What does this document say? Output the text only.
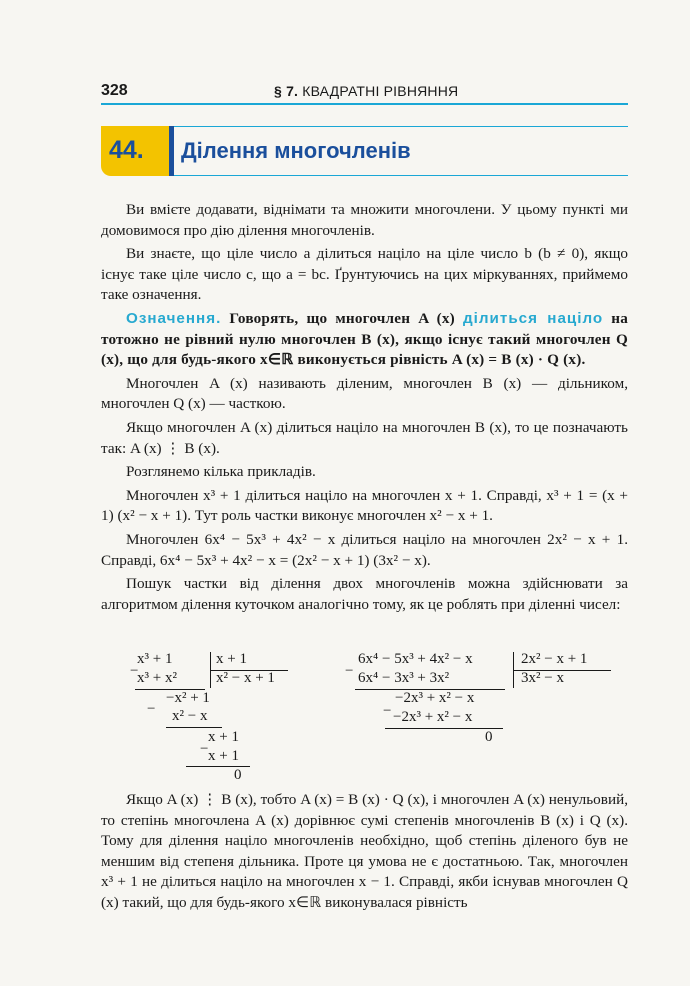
328	§ 7. КВАДРАТНІ РІВНЯННЯ
44. Ділення многочленів

Ви вмієте додавати, віднімати та множити многочлени. У цьому пункті ми домовимося про дію ділення многочленів.

Ви знаєте, що ціле число a ділиться націло на ціле число b (b ≠ 0), якщо існує таке ціле число c, що a = bc. Ґрунтуючись на цих міркуваннях, приймемо таке означення.

Означення. Говорять, що многочлен A (x) ділиться націло на тотожно не рівний нулю многочлен B (x), якщо існує такий многочлен Q (x), що для будь-якого x∈ℝ виконується рівність A (x) = B (x) · Q (x).

Многочлен A (x) називають діленим, многочлен B (x) — дільником, многочлен Q (x) — часткою.

Якщо многочлен A (x) ділиться націло на многочлен B (x), то це позначають так: A (x) ⋮ B (x).

Розглянемо кілька прикладів.

Многочлен x³ + 1 ділиться націло на многочлен x + 1. Справді, x³ + 1 = (x + 1) (x² − x + 1). Тут роль частки виконує многочлен x² − x + 1.

Многочлен 6x⁴ − 5x³ + 4x² − x ділиться націло на многочлен 2x² − x + 1. Справді, 6x⁴ − 5x³ + 4x² − x = (2x² − x + 1) (3x² − x).

Пошук частки від ділення двох многочленів можна здійснювати за алгоритмом ділення куточком аналогічно тому, як це роблять при діленні чисел:

x³ + 1	x + 1
−
x³ + x²	x² − x + 1
−x² + 1
− x² − x
x + 1
− x + 1
0
6x⁴ − 5x³ + 4x² − x	2x² − x + 1
− 6x⁴ − 3x³ + 3x²	3x² − x
−2x³ + x² − x
− −2x³ + x² − x
0

Якщо A (x) ⋮ B (x), тобто A (x) = B (x) · Q (x), і многочлен A (x) ненульовий, то степінь многочлена A (x) дорівнює сумі степенів многочленів B (x) і Q (x). Тому для ділення націло многочленів необхідно, щоб степінь діленого був не меншим від степеня дільника. Проте ця умова не є достатньою. Так, многочлен x³ + 1 не ділиться націло на многочлен x − 1. Справді, якби існував многочлен Q (x) такий, що для будь-якого x∈ℝ виконувалася рівність
